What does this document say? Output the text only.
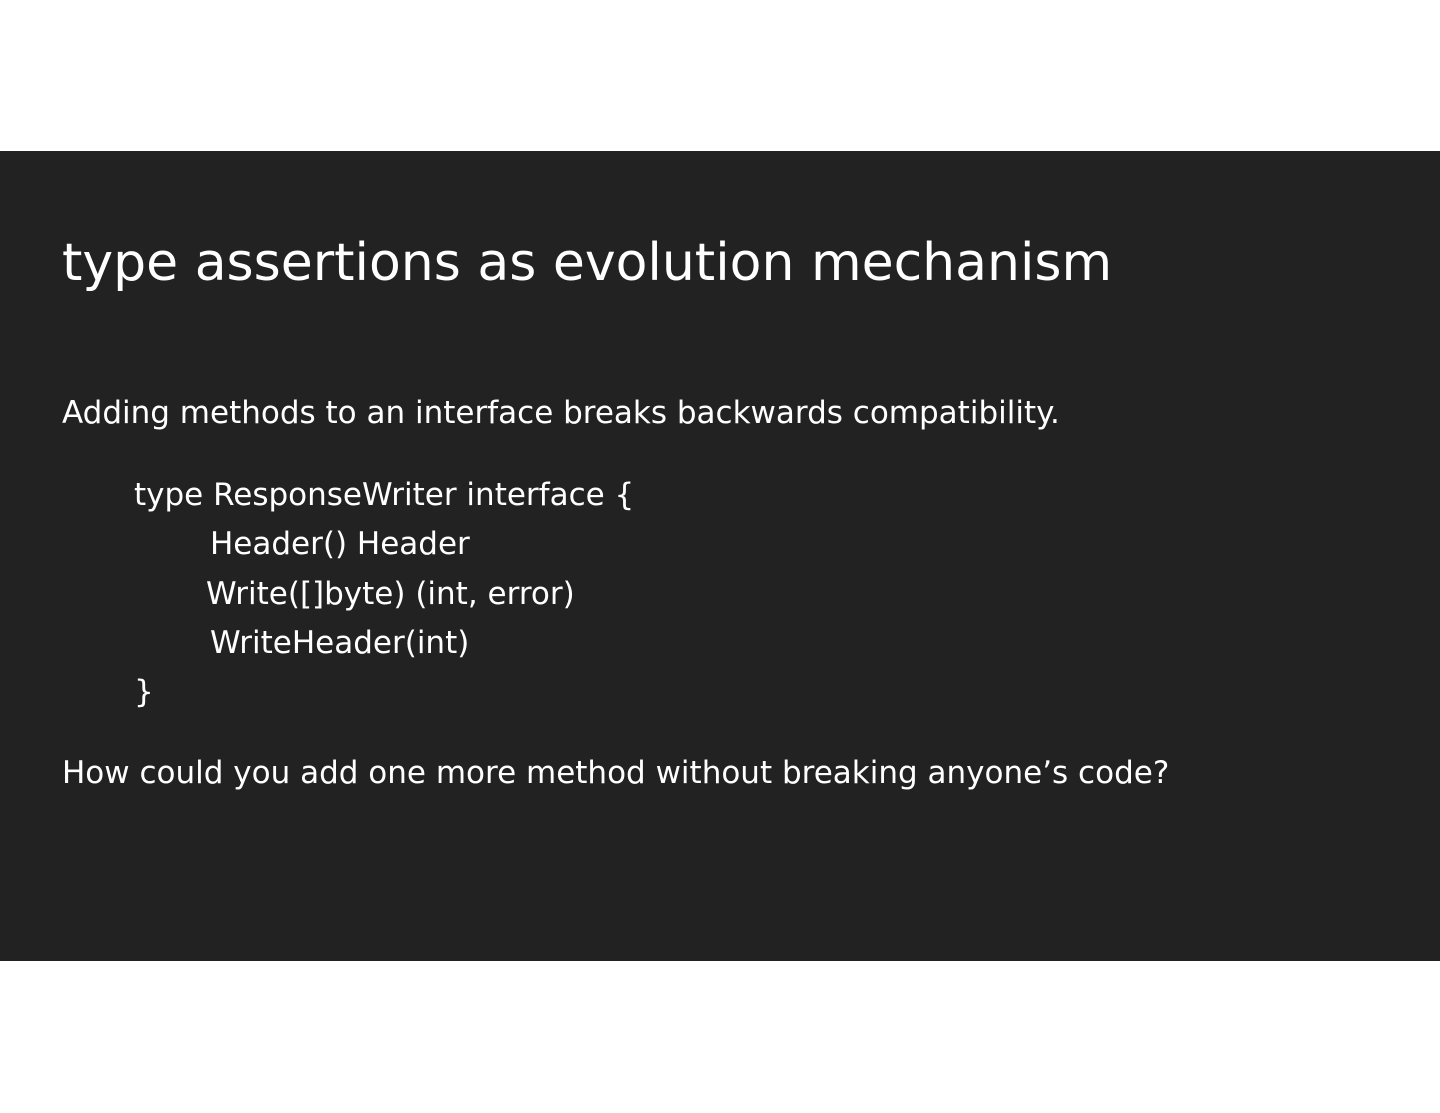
type assertions as evolution mechanism

Adding methods to an interface breaks backwards compatibility.

type ResponseWriter interface {

Header() Header

Write([]byte) (int, error)

WriteHeader(int)

}

How could you add one more method without breaking anyone’s code?
